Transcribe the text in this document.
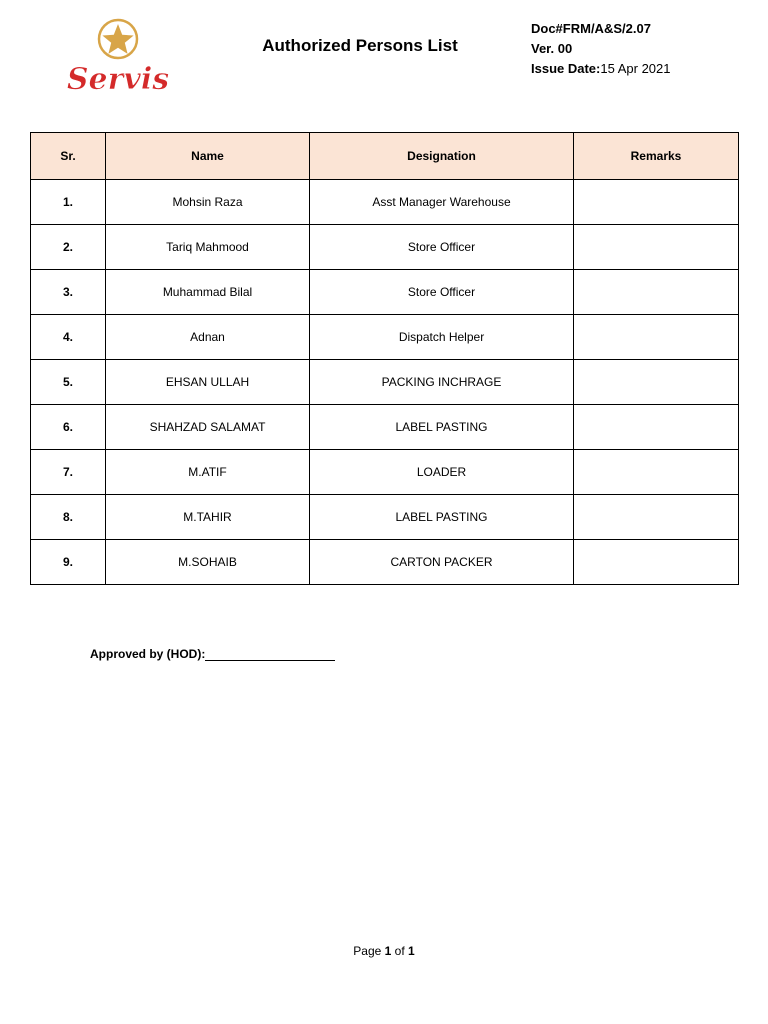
Servis
Authorized Persons List
Doc#FRM/A&S/2.07
Ver. 00
Issue Date:15 Apr 2021
Sr.	Name	Designation	Remarks
1.	Mohsin Raza	Asst Manager Warehouse	
2.	Tariq Mahmood	Store Officer	
3.	Muhammad Bilal	Store Officer	
4.	Adnan	Dispatch Helper	
5.	EHSAN ULLAH	PACKING INCHRAGE	
6.	SHAHZAD SALAMAT	LABEL PASTING	
7.	M.ATIF	LOADER	
8.	M.TAHIR	LABEL PASTING	
9.	M.SOHAIB	CARTON PACKER	
Approved by (HOD):
Page 1 of 1
